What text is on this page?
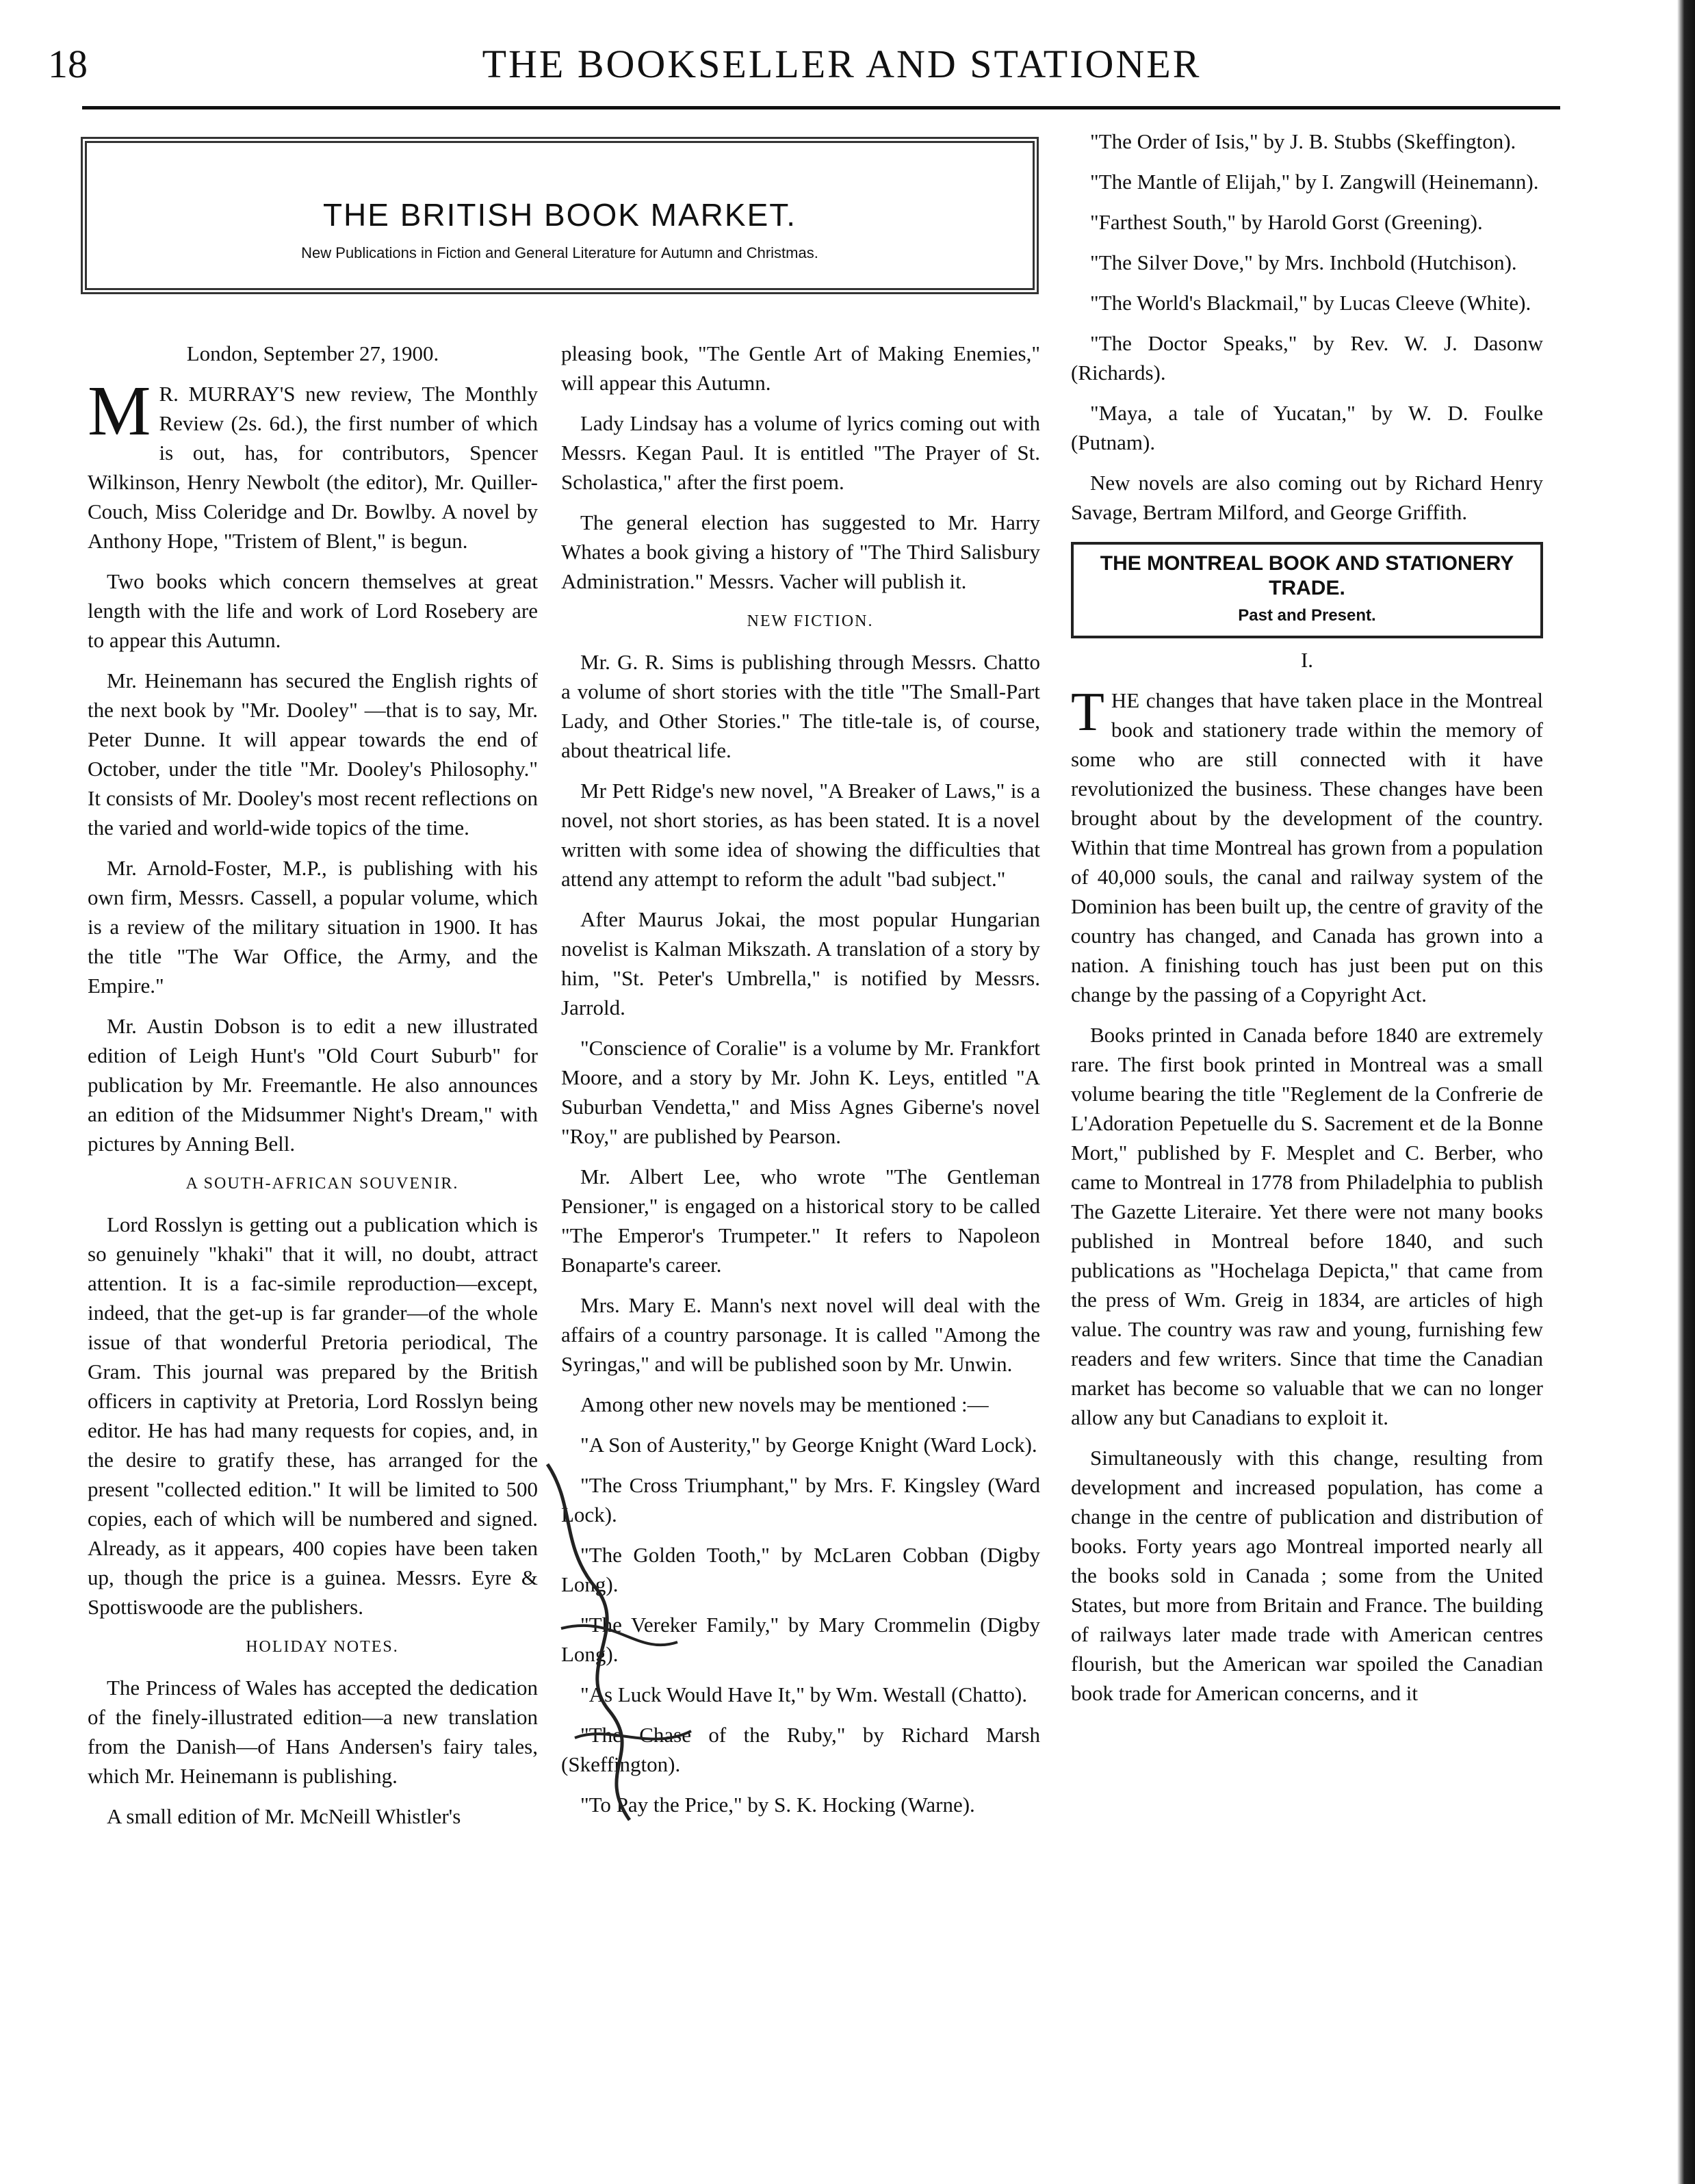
18	THE BOOKSELLER AND STATIONER
THE BRITISH BOOK MARKET.
New Publications in Fiction and General Literature for Autumn and Christmas.

London, September 27, 1900.

M R. MURRAY'S new review, The Monthly Review (2s. 6d.), the first number of which is out, has, for contributors, Spencer Wilkinson, Henry Newbolt (the editor), Mr. Quiller-Couch, Miss Coleridge and Dr. Bowlby. A novel by Anthony Hope, "Tristem of Blent," is begun.

Two books which concern themselves at great length with the life and work of Lord Rosebery are to appear this Autumn.

Mr. Heinemann has secured the English rights of the next book by "Mr. Dooley" —that is to say, Mr. Peter Dunne. It will appear towards the end of October, under the title "Mr. Dooley's Philosophy." It consists of Mr. Dooley's most recent reflections on the varied and world-wide topics of the time.

Mr. Arnold-Foster, M.P., is publishing with his own firm, Messrs. Cassell, a popular volume, which is a review of the military situation in 1900. It has the title "The War Office, the Army, and the Empire."

Mr. Austin Dobson is to edit a new illustrated edition of Leigh Hunt's "Old Court Suburb" for publication by Mr. Freemantle. He also announces an edition of the Midsummer Night's Dream," with pictures by Anning Bell.

A SOUTH-AFRICAN SOUVENIR.

Lord Rosslyn is getting out a publication which is so genuinely "khaki" that it will, no doubt, attract attention. It is a fac-simile reproduction—except, indeed, that the get-up is far grander—of the whole issue of that wonderful Pretoria periodical, The Gram. This journal was prepared by the British officers in captivity at Pretoria, Lord Rosslyn being editor. He has had many requests for copies, and, in the desire to gratify these, has arranged for the present "collected edition." It will be limited to 500 copies, each of which will be numbered and signed. Already, as it appears, 400 copies have been taken up, though the price is a guinea. Messrs. Eyre & Spottiswoode are the publishers.

HOLIDAY NOTES.

The Princess of Wales has accepted the dedication of the finely-illustrated edition—a new translation from the Danish—of Hans Andersen's fairy tales, which Mr. Heinemann is publishing.

A small edition of Mr. McNeill Whistler's

pleasing book, "The Gentle Art of Making Enemies," will appear this Autumn.

Lady Lindsay has a volume of lyrics coming out with Messrs. Kegan Paul. It is entitled "The Prayer of St. Scholastica," after the first poem.

The general election has suggested to Mr. Harry Whates a book giving a history of "The Third Salisbury Administration." Messrs. Vacher will publish it.

NEW FICTION.

Mr. G. R. Sims is publishing through Messrs. Chatto a volume of short stories with the title "The Small-Part Lady, and Other Stories." The title-tale is, of course, about theatrical life.

Mr Pett Ridge's new novel, "A Breaker of Laws," is a novel, not short stories, as has been stated. It is a novel written with some idea of showing the difficulties that attend any attempt to reform the adult "bad subject."

After Maurus Jokai, the most popular Hungarian novelist is Kalman Mikszath. A translation of a story by him, "St. Peter's Umbrella," is notified by Messrs. Jarrold.

"Conscience of Coralie" is a volume by Mr. Frankfort Moore, and a story by Mr. John K. Leys, entitled "A Suburban Vendetta," and Miss Agnes Giberne's novel "Roy," are published by Pearson.

Mr. Albert Lee, who wrote "The Gentleman Pensioner," is engaged on a historical story to be called "The Emperor's Trumpeter." It refers to Napoleon Bonaparte's career.

Mrs. Mary E. Mann's next novel will deal with the affairs of a country parsonage. It is called "Among the Syringas," and will be published soon by Mr. Unwin.

Among other new novels may be mentioned :—

"A Son of Austerity," by George Knight (Ward Lock).

"The Cross Triumphant," by Mrs. F. Kingsley (Ward Lock).

"The Golden Tooth," by McLaren Cobban (Digby Long).

"The Vereker Family," by Mary Crommelin (Digby Long).

"As Luck Would Have It," by Wm. Westall (Chatto).

"The Chase of the Ruby," by Richard Marsh (Skeffington).

"To Pay the Price," by S. K. Hocking (Warne).

"The Order of Isis," by J. B. Stubbs (Skeffington).

"The Mantle of Elijah," by I. Zangwill (Heinemann).

"Farthest South," by Harold Gorst (Greening).

"The Silver Dove," by Mrs. Inchbold (Hutchison).

"The World's Blackmail," by Lucas Cleeve (White).

"The Doctor Speaks," by Rev. W. J. Dasonw (Richards).

"Maya, a tale of Yucatan," by W. D. Foulke (Putnam).

New novels are also coming out by Richard Henry Savage, Bertram Milford, and George Griffith.

THE MONTREAL BOOK AND STATIONERY TRADE.
Past and Present.

I.

THE changes that have taken place in the Montreal book and stationery trade within the memory of some who are still connected with it have revolutionized the business. These changes have been brought about by the development of the country. Within that time Montreal has grown from a population of 40,000 souls, the canal and railway system of the Dominion has been built up, the centre of gravity of the country has changed, and Canada has grown into a nation. A finishing touch has just been put on this change by the passing of a Copyright Act.

Books printed in Canada before 1840 are extremely rare. The first book printed in Montreal was a small volume bearing the title "Reglement de la Confrerie de L'Adoration Pepetuelle du S. Sacrement et de la Bonne Mort," published by F. Mesplet and C. Berber, who came to Montreal in 1778 from Philadelphia to publish The Gazette Literaire. Yet there were not many books published in Montreal before 1840, and such publications as "Hochelaga Depicta," that came from the press of Wm. Greig in 1834, are articles of high value. The country was raw and young, furnishing few readers and few writers. Since that time the Canadian market has become so valuable that we can no longer allow any but Canadians to exploit it.

Simultaneously with this change, resulting from development and increased population, has come a change in the centre of publication and distribution of books. Forty years ago Montreal imported nearly all the books sold in Canada ; some from the United States, but more from Britain and France. The building of railways later made trade with American centres flourish, but the American war spoiled the Canadian book trade for American concerns, and it
